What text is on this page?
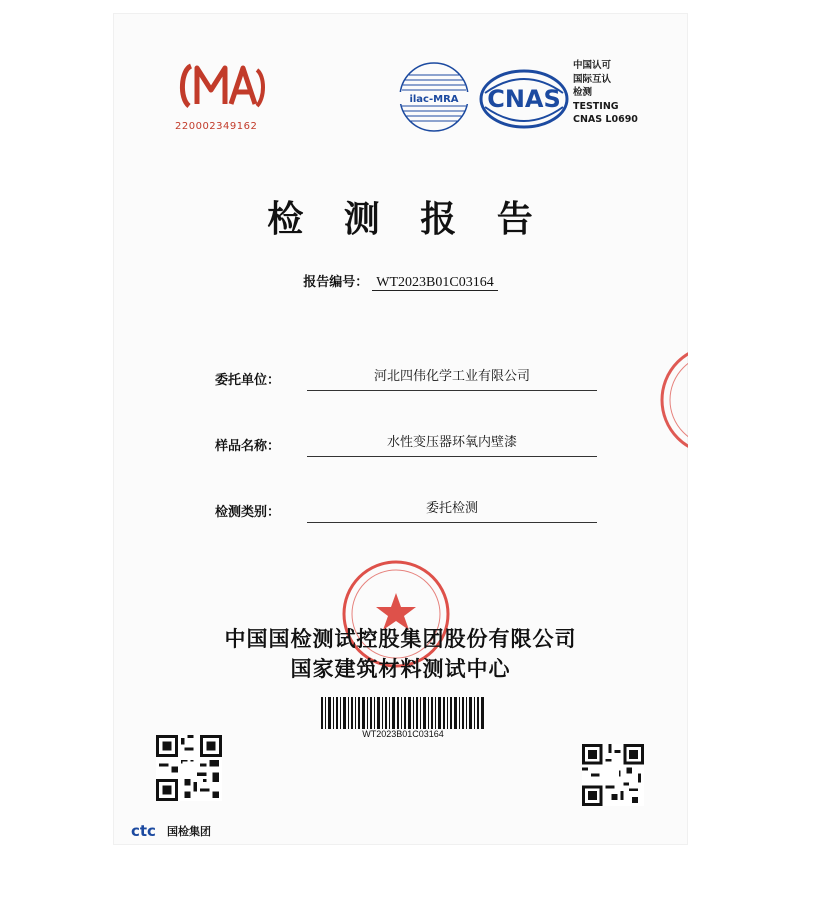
220002349162
ilac-MRA CNAS
中国认可
国际互认
检测
TESTING
CNAS L0690
检 测 报 告
报告编号： WT2023B01C03164
委托单位：	河北四伟化学工业有限公司
样品名称：	水性变压器环氧内壁漆
检测类别：	委托检测
中国国检测试控股集团股份有限公司
国家建筑材料测试中心
WT2023B01C03164
ctc 国检集团
